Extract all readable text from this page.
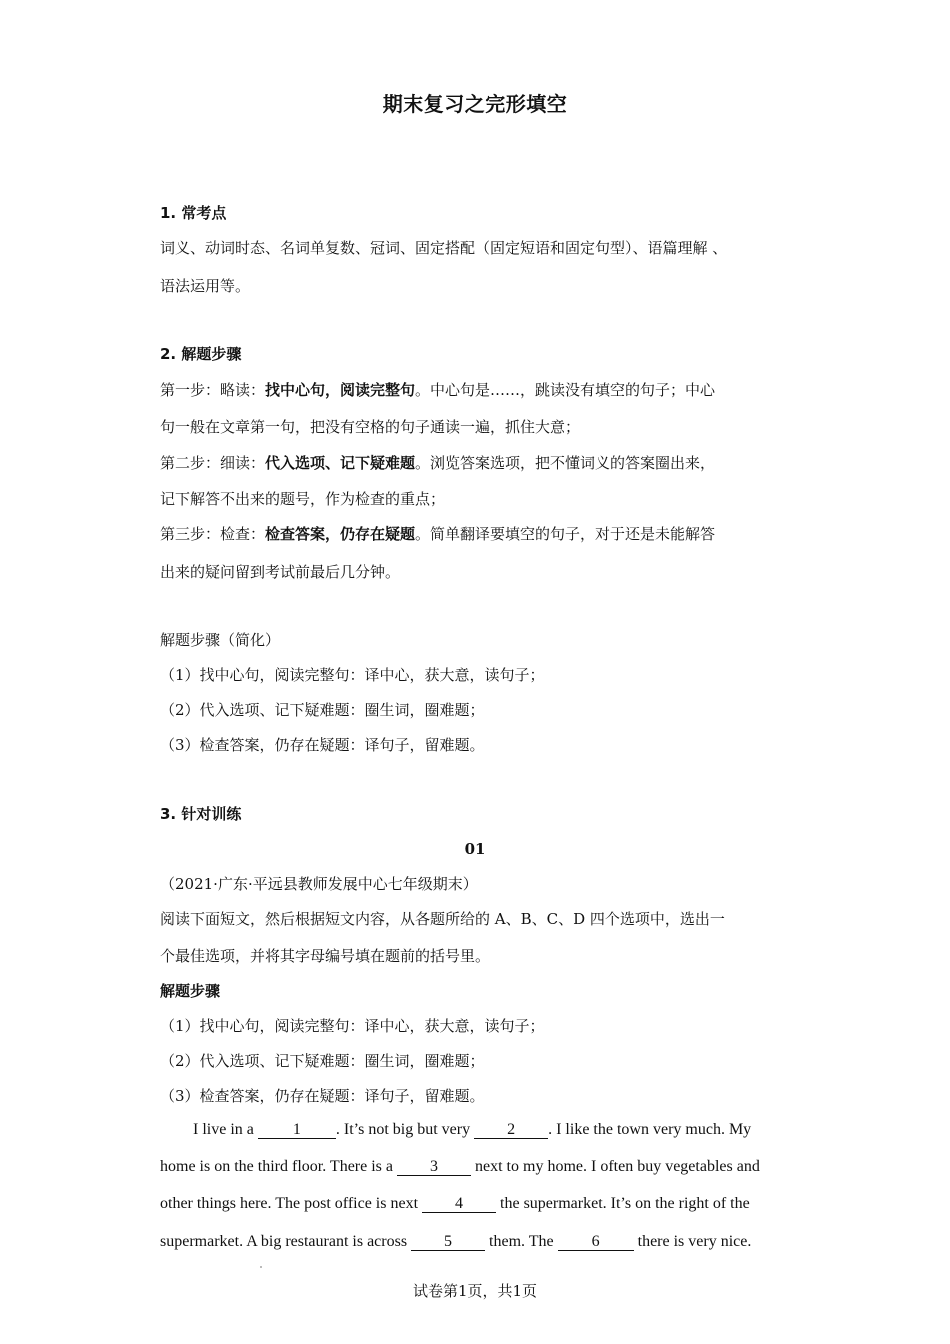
期末复习之完形填空
1. 常考点
词义、动词时态、名词单复数、冠词、固定搭配（固定短语和固定句型）、语篇理解 、
语法运用等。
2. 解题步骤
第一步：略读：找中心句，阅读完整句。中心句是……，跳读没有填空的句子；中心
句一般在文章第一句，把没有空格的句子通读一遍，抓住大意；
第二步：细读：代入选项、记下疑难题。浏览答案选项，把不懂词义的答案圈出来，
记下解答不出来的题号，作为检查的重点；
第三步：检查：检查答案，仍存在疑题。简单翻译要填空的句子，对于还是未能解答
出来的疑问留到考试前最后几分钟。
解题步骤（简化）
（1）找中心句，阅读完整句：译中心，获大意，读句子；
（2）代入选项、记下疑难题：圈生词，圈难题；
（3）检查答案，仍存在疑题：译句子，留难题。
3. 针对训练
01
（2021·广东·平远县教师发展中心七年级期末）
阅读下面短文，然后根据短文内容，从各题所给的 A、B、C、D 四个选项中，选出一
个最佳选项，并将其字母编号填在题前的括号里。
解题步骤
（1）找中心句，阅读完整句：译中心，获大意，读句子；
（2）代入选项、记下疑难题：圈生词，圈难题；
（3）检查答案，仍存在疑题：译句子，留难题。
I live in a 1 . It’s not big but very 2 . I like the town very much. My
home is on the third floor. There is a 3 next to my home. I often buy vegetables and
other things here. The post office is next 4 the supermarket. It’s on the right of the
supermarket. A big restaurant is across 5 them. The 6 there is very nice.
试卷第1页，共1页
